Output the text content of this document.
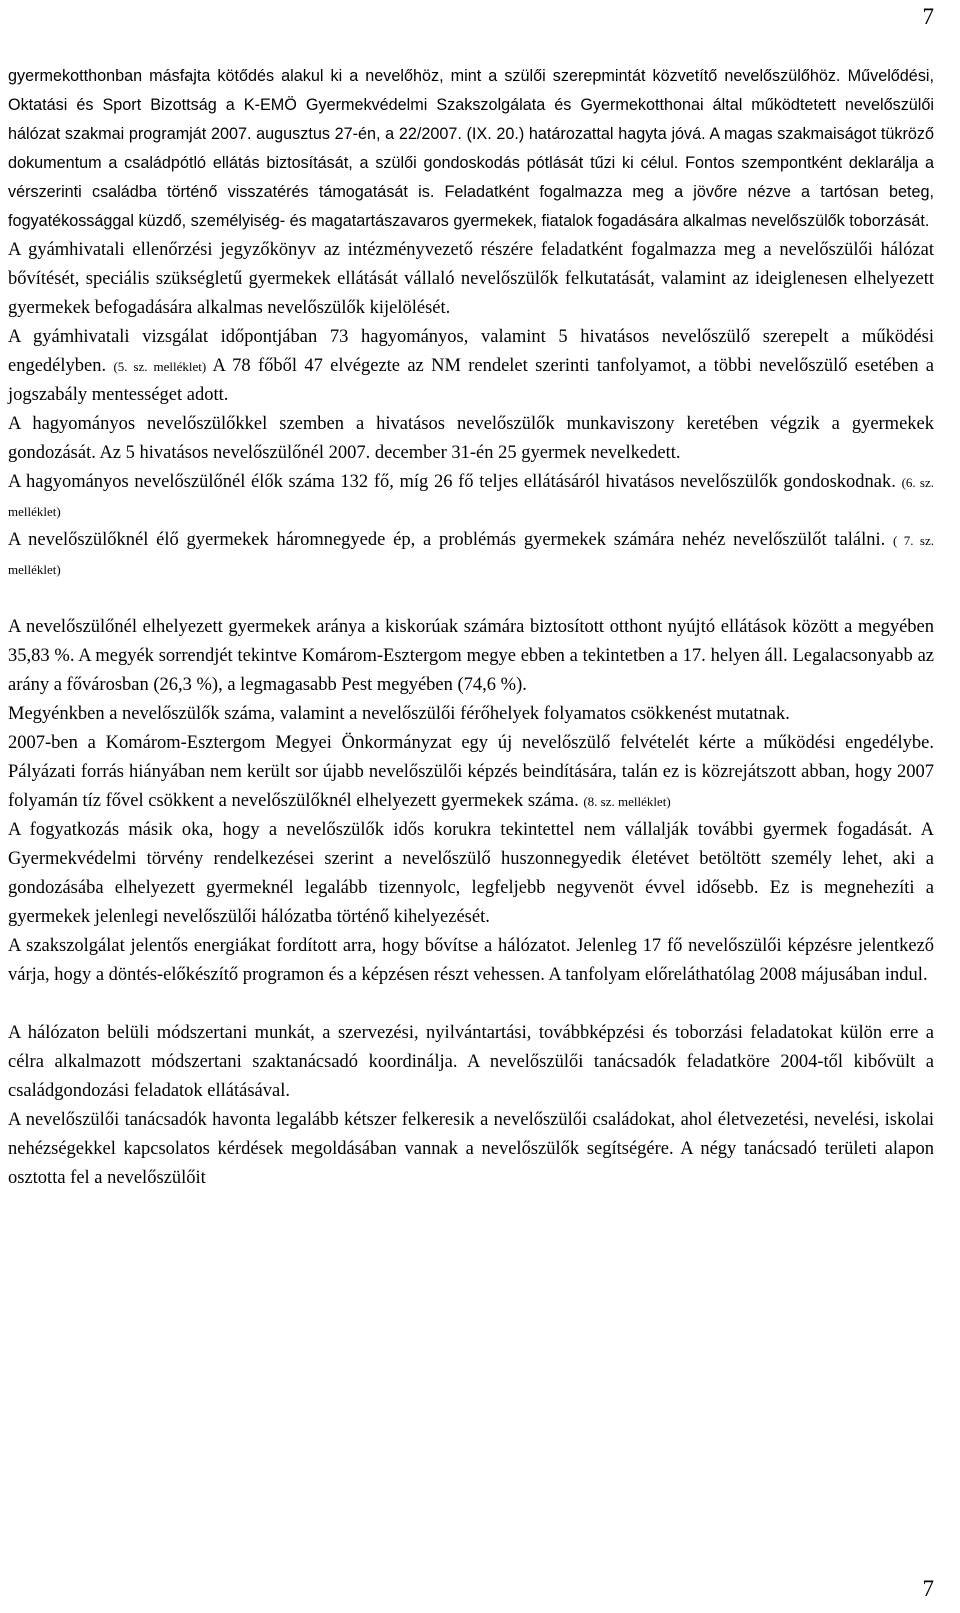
7

gyermekotthonban másfajta kötődés alakul ki a nevelőhöz, mint a szülői szerepmintát közvetítő nevelőszülőhöz. Művelődési, Oktatási és Sport Bizottság a K-EMÖ Gyermekvédelmi Szakszolgálata és Gyermekotthonai által működtetett nevelőszülői hálózat szakmai programját 2007. augusztus 27-én, a 22/2007. (IX. 20.) határozattal hagyta jóvá. A magas szakmaiságot tükröző dokumentum a családpótló ellátás biztosítását, a szülői gondoskodás pótlását tűzi ki célul. Fontos szempontként deklarálja a vérszerinti családba történő visszatérés támogatását is. Feladatként fogalmazza meg a jövőre nézve a tartósan beteg, fogyatékossággal küzdő, személyiség- és magatartászavaros gyermekek, fiatalok fogadására alkalmas nevelőszülők toborzását.

A gyámhivatali ellenőrzési jegyzőkönyv az intézményvezető részére feladatként fogalmazza meg a nevelőszülői hálózat bővítését, speciális szükségletű gyermekek ellátását vállaló nevelőszülők felkutatását, valamint az ideiglenesen elhelyezett gyermekek befogadására alkalmas nevelőszülők kijelölését.

A gyámhivatali vizsgálat időpontjában 73 hagyományos, valamint 5 hivatásos nevelőszülő szerepelt a működési engedélyben. (5. sz. melléklet) A 78 főből 47 elvégezte az NM rendelet szerinti tanfolyamot, a többi nevelőszülő esetében a jogszabály mentességet adott.

A hagyományos nevelőszülőkkel szemben a hivatásos nevelőszülők munkaviszony keretében végzik a gyermekek gondozását. Az 5 hivatásos nevelőszülőnél 2007. december 31-én 25 gyermek nevelkedett.

A hagyományos nevelőszülőnél élők száma 132 fő, míg 26 fő teljes ellátásáról hivatásos nevelőszülők gondoskodnak. (6. sz. melléklet)

A nevelőszülőknél élő gyermekek háromnegyede ép, a problémás gyermekek számára nehéz nevelőszülőt találni. ( 7. sz. melléklet)

A nevelőszülőnél elhelyezett gyermekek aránya a kiskorúak számára biztosított otthont nyújtó ellátások között a megyében 35,83 %. A megyék sorrendjét tekintve Komárom-Esztergom megye ebben a tekintetben a 17. helyen áll. Legalacsonyabb az arány a fővárosban (26,3 %), a legmagasabb Pest megyében (74,6 %).

Megyénkben a nevelőszülők száma, valamint a nevelőszülői férőhelyek folyamatos csökkenést mutatnak.

2007-ben a Komárom-Esztergom Megyei Önkormányzat egy új nevelőszülő felvételét kérte a működési engedélybe. Pályázati forrás hiányában nem került sor újabb nevelőszülői képzés beindítására, talán ez is közrejátszott abban, hogy 2007 folyamán tíz fővel csökkent a nevelőszülőknél elhelyezett gyermekek száma. (8. sz. melléklet)

A fogyatkozás másik oka, hogy a nevelőszülők idős korukra tekintettel nem vállalják további gyermek fogadását. A Gyermekvédelmi törvény rendelkezései szerint a nevelőszülő huszonnegyedik életévet betöltött személy lehet, aki a gondozásába elhelyezett gyermeknél legalább tizennyolc, legfeljebb negyvenöt évvel idősebb. Ez is megnehezíti a gyermekek jelenlegi nevelőszülői hálózatba történő kihelyezését.

A szakszolgálat jelentős energiákat fordított arra, hogy bővítse a hálózatot. Jelenleg 17 fő nevelőszülői képzésre jelentkező várja, hogy a döntés-előkészítő programon és a képzésen részt vehessen. A tanfolyam előreláthatólag 2008 májusában indul.

A hálózaton belüli módszertani munkát, a szervezési, nyilvántartási, továbbképzési és toborzási feladatokat külön erre a célra alkalmazott módszertani szaktanácsadó koordinálja. A nevelőszülői tanácsadók feladatköre 2004-től kibővült a családgondozási feladatok ellátásával.

A nevelőszülői tanácsadók havonta legalább kétszer felkeresik a nevelőszülői családokat, ahol életvezetési, nevelési, iskolai nehézségekkel kapcsolatos kérdések megoldásában vannak a nevelőszülők segítségére. A négy tanácsadó területi alapon osztotta fel a nevelőszülőit

7
